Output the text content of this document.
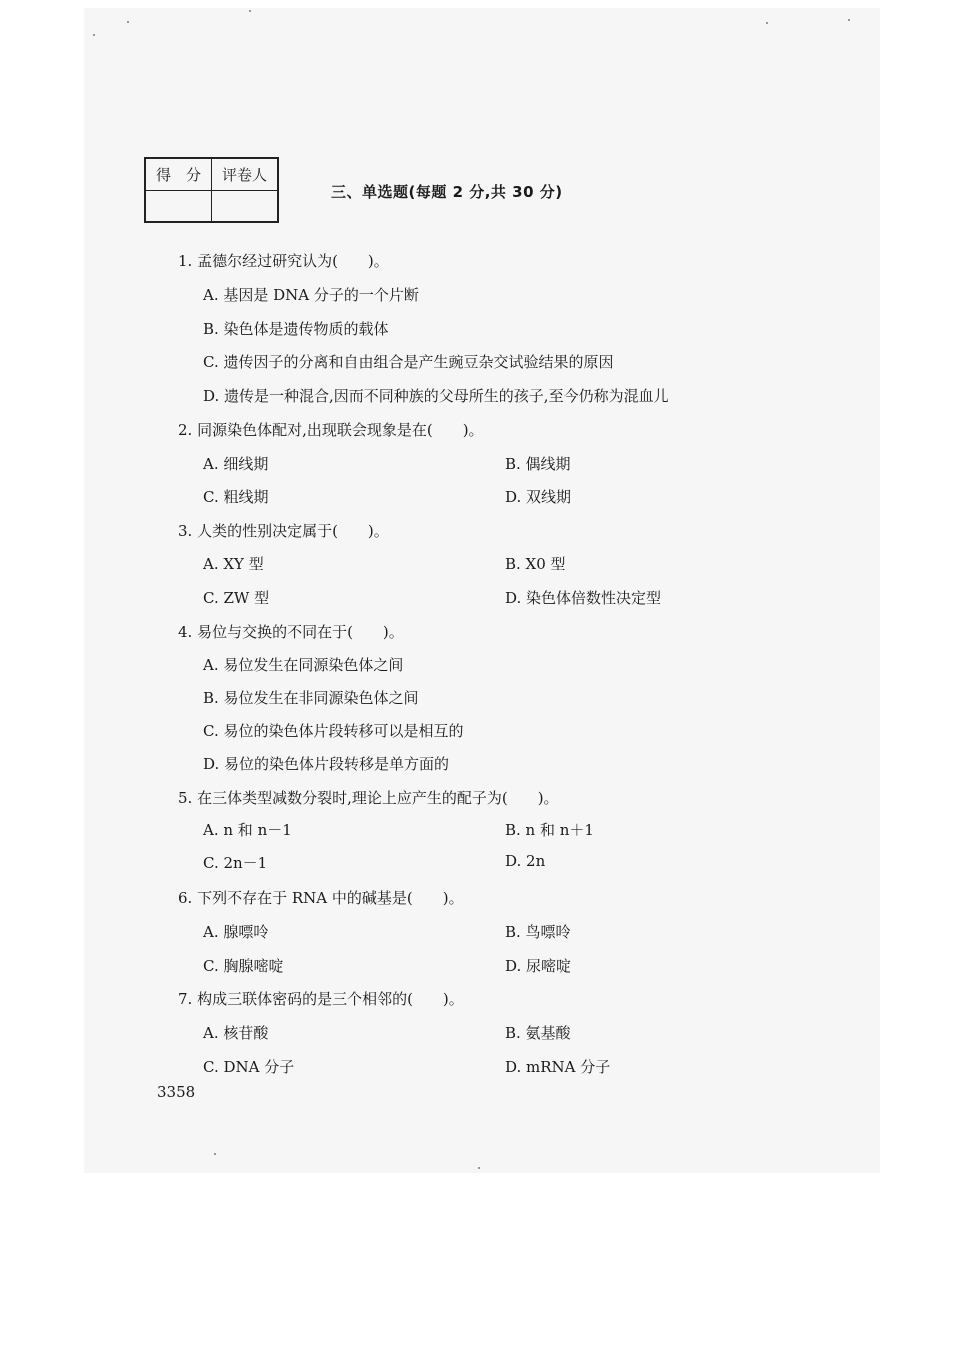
得　分	评卷人

三、单选题(每题 2 分,共 30 分)
1. 孟德尔经过研究认为(　　)。
A. 基因是 DNA 分子的一个片断
B. 染色体是遗传物质的载体
C. 遗传因子的分离和自由组合是产生豌豆杂交试验结果的原因
D. 遗传是一种混合,因而不同种族的父母所生的孩子,至今仍称为混血儿
2. 同源染色体配对,出现联会现象是在(　　)。
A. 细线期	B. 偶线期
C. 粗线期	D. 双线期
3. 人类的性别决定属于(　　)。
A. XY 型	B. X0 型
C. ZW 型	D. 染色体倍数性决定型
4. 易位与交换的不同在于(　　)。
A. 易位发生在同源染色体之间
B. 易位发生在非同源染色体之间
C. 易位的染色体片段转移可以是相互的
D. 易位的染色体片段转移是单方面的
5. 在三体类型减数分裂时,理论上应产生的配子为(　　)。
A. n 和 n－1	B. n 和 n＋1
C. 2n－1	D. 2n
6. 下列不存在于 RNA 中的碱基是(　　)。
A. 腺嘌呤	B. 鸟嘌呤
C. 胸腺嘧啶	D. 尿嘧啶
7. 构成三联体密码的是三个相邻的(　　)。
A. 核苷酸	B. 氨基酸
C. DNA 分子	D. mRNA 分子
3358
